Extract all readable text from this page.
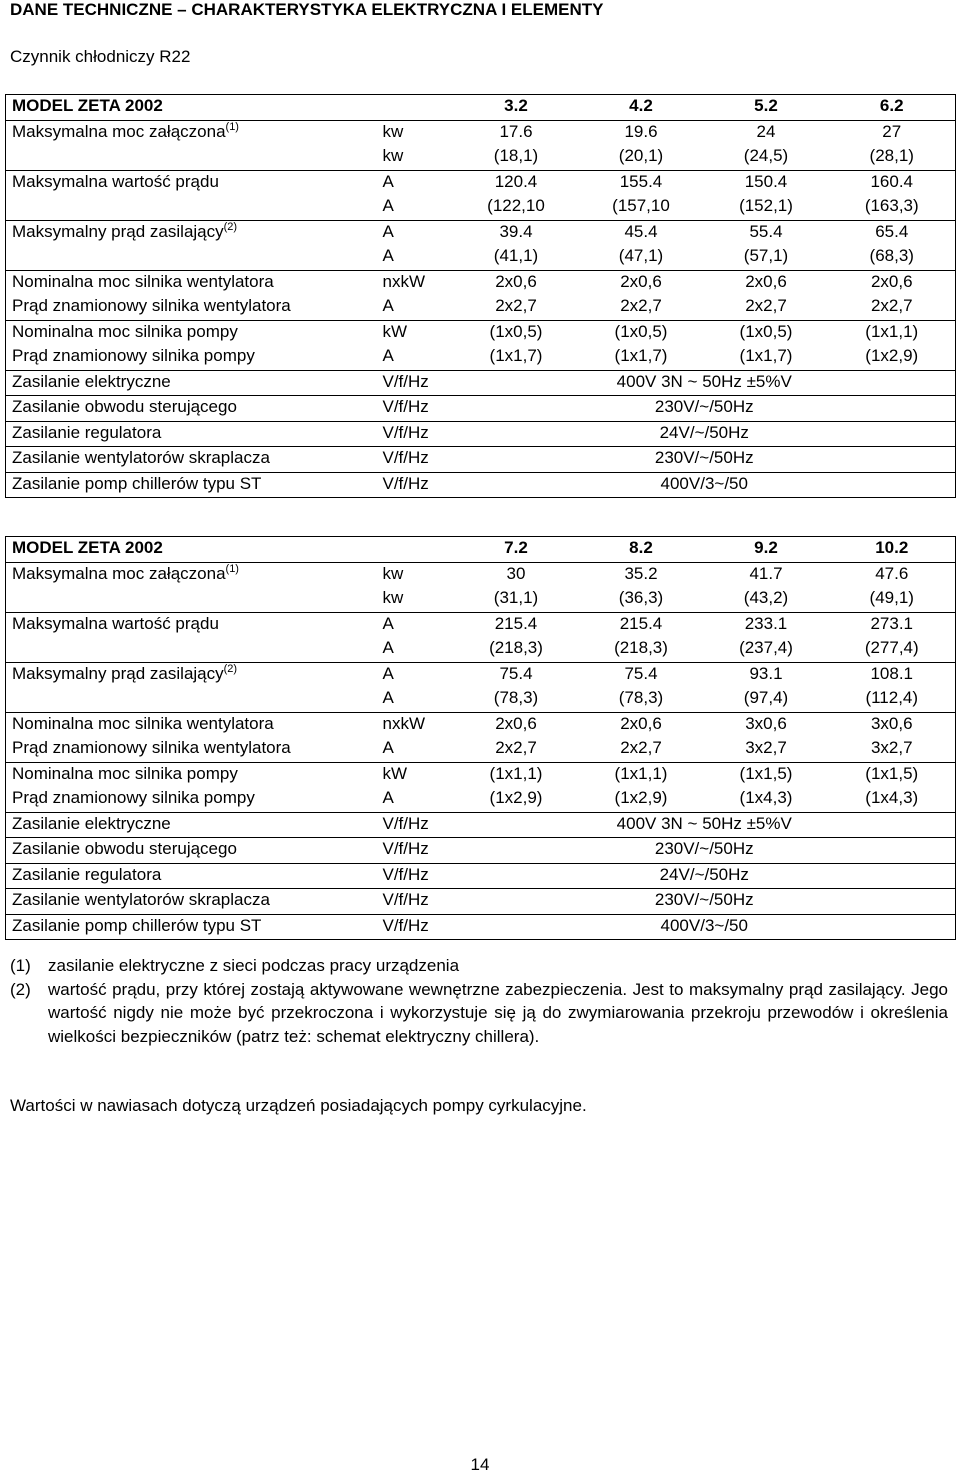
DANE TECHNICZNE – CHARAKTERYSTYKA ELEKTRYCZNA I ELEMENTY
Czynnik chłodniczy R22
MODEL ZETA 2002		3.2	4.2	5.2	6.2
Maksymalna moc załączona$^{(1)}$	kw	17.6	19.6	24	27
	kw	(18,1)	(20,1)	(24,5)	(28,1)
Maksymalna wartość prądu	A	120.4	155.4	150.4	160.4
	A	(122,10	(157,10	(152,1)	(163,3)
Maksymalny prąd zasilający$^{(2)}$	A	39.4	45.4	55.4	65.4
	A	(41,1)	(47,1)	(57,1)	(68,3)
Nominalna moc silnika wentylatora	nxkW	2x0,6	2x0,6	2x0,6	2x0,6
Prąd znamionowy silnika wentylatora	A	2x2,7	2x2,7	2x2,7	2x2,7
Nominalna moc silnika pompy	kW	(1x0,5)	(1x0,5)	(1x0,5)	(1x1,1)
Prąd znamionowy silnika pompy	A	(1x1,7)	(1x1,7)	(1x1,7)	(1x2,9)
Zasilanie elektryczne	V/f/Hz	400V 3N ~ 50Hz ±5%V			
Zasilanie obwodu sterującego	V/f/Hz	230V/~/50Hz			
Zasilanie regulatora	V/f/Hz	24V/~/50Hz			
Zasilanie wentylatorów skraplacza	V/f/Hz	230V/~/50Hz			
Zasilanie pomp chillerów typu ST	V/f/Hz	400V/3~/50			
MODEL ZETA 2002		7.2	8.2	9.2	10.2
Maksymalna moc załączona$^{(1)}$	kw	30	35.2	41.7	47.6
	kw	(31,1)	(36,3)	(43,2)	(49,1)
Maksymalna wartość prądu	A	215.4	215.4	233.1	273.1
	A	(218,3)	(218,3)	(237,4)	(277,4)
Maksymalny prąd zasilający$^{(2)}$	A	75.4	75.4	93.1	108.1
	A	(78,3)	(78,3)	(97,4)	(112,4)
Nominalna moc silnika wentylatora	nxkW	2x0,6	2x0,6	3x0,6	3x0,6
Prąd znamionowy silnika wentylatora	A	2x2,7	2x2,7	3x2,7	3x2,7
Nominalna moc silnika pompy	kW	(1x1,1)	(1x1,1)	(1x1,5)	(1x1,5)
Prąd znamionowy silnika pompy	A	(1x2,9)	(1x2,9)	(1x4,3)	(1x4,3)
Zasilanie elektryczne	V/f/Hz	400V 3N ~ 50Hz ±5%V			
Zasilanie obwodu sterującego	V/f/Hz	230V/~/50Hz			
Zasilanie regulatora	V/f/Hz	24V/~/50Hz			
Zasilanie wentylatorów skraplacza	V/f/Hz	230V/~/50Hz			
Zasilanie pomp chillerów typu ST	V/f/Hz	400V/3~/50			
(1)	zasilanie elektryczne z sieci podczas pracy urządzenia
(2)	wartość prądu, przy której zostają aktywowane wewnętrzne zabezpieczenia. Jest to maksymalny prąd zasilający. Jego wartość nigdy nie może być przekroczona i wykorzystuje się ją do zwymiarowania przekroju przewodów i określenia wielkości bezpieczników (patrz też: schemat elektryczny chillera).
Wartości w nawiasach dotyczą urządzeń posiadających pompy cyrkulacyjne.
14
